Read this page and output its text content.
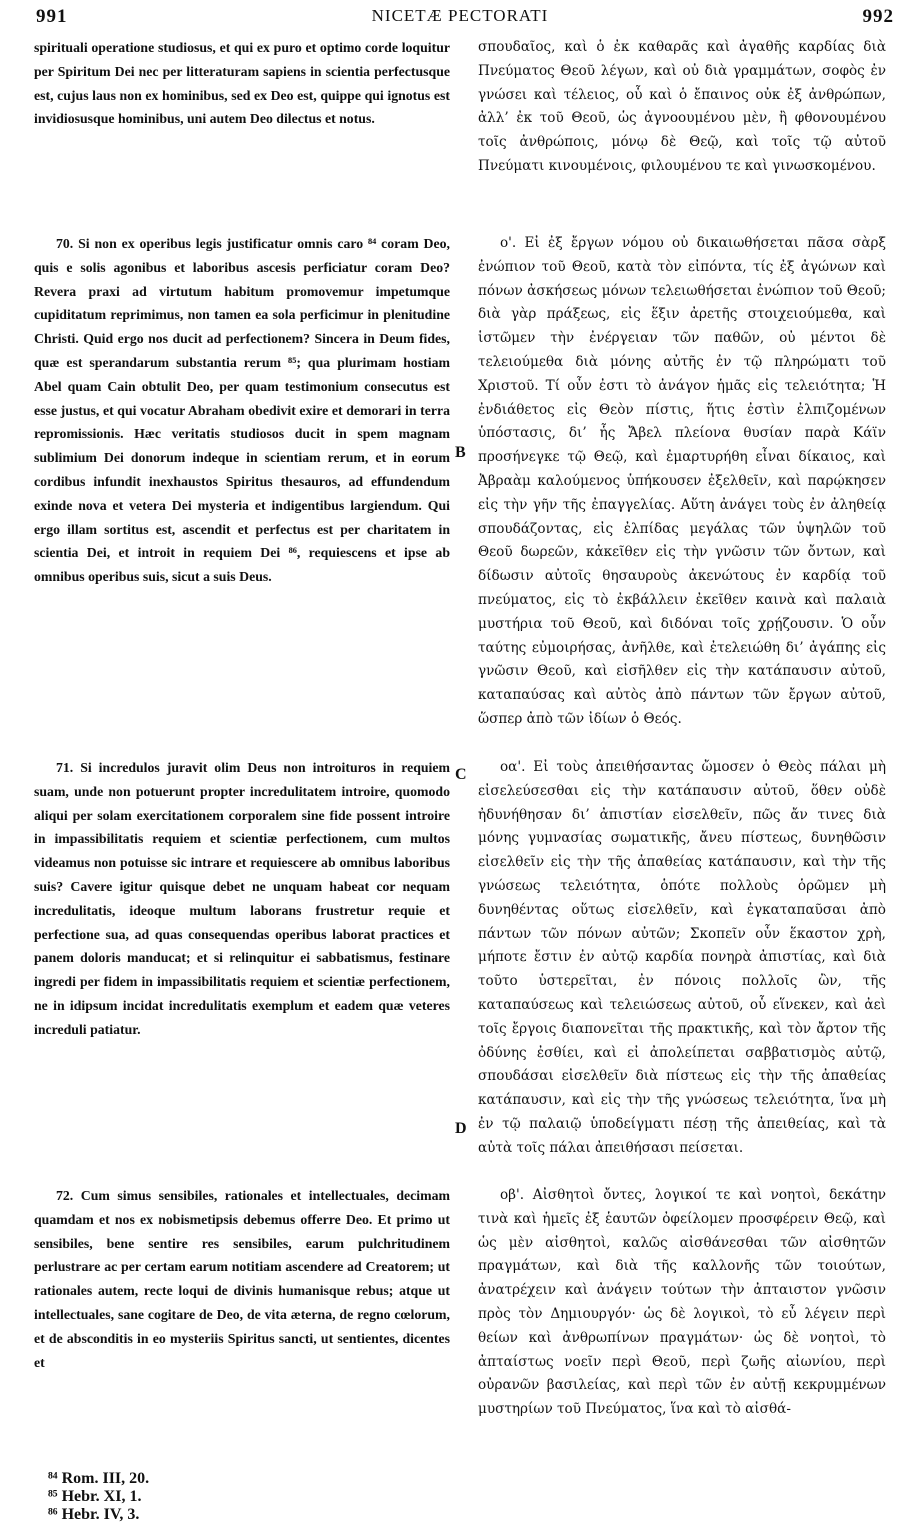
991	NICETÆ PECTORATI	992

spirituali operatione studiosus, et qui ex puro et optimo corde loquitur per Spiritum Dei nec per litteraturam sapiens in scientia perfectusque est, cujus laus non ex hominibus, sed ex Deo est, quippe qui ignotus est invidiosusque hominibus, uni autem Deo dilectus et notus.

70. Si non ex operibus legis justificatur omnis caro ⁸⁴ coram Deo, quis e solis agonibus et laboribus ascesis perficiatur coram Deo? Revera praxi ad virtutum habitum promovemur impetumque cupiditatum reprimimus, non tamen ea sola perficimur in plenitudine Christi. Quid ergo nos ducit ad perfectionem? Sincera in Deum fides, quæ est sperandarum substantia rerum ⁸⁵; qua plurimam hostiam Abel quam Cain obtulit Deo, per quam testimonium consecutus est esse justus, et qui vocatur Abraham obedivit exire et demorari in terra repromissionis. Hæc veritatis studiosos ducit in spem magnam sublimium Dei donorum indeque in scientiam rerum, et in eorum cordibus infundit inexhaustos Spiritus thesauros, ad effundendum exinde nova et vetera Dei mysteria et indigentibus largiendum. Qui ergo illam sortitus est, ascendit et perfectus est per charitatem in scientia Dei, et introit in requiem Dei ⁸⁶, requiescens et ipse ab omnibus operibus suis, sicut a suis Deus.

71. Si incredulos juravit olim Deus non introituros in requiem suam, unde non potuerunt propter incredulitatem introire, quomodo aliqui per solam exercitationem corporalem sine fide possent introire in impassibilitatis requiem et scientiæ perfectionem, cum multos videamus non potuisse sic intrare et requiescere ab omnibus laboribus suis? Cavere igitur quisque debet ne unquam habeat cor nequam incredulitatis, ideoque multum laborans frustretur requie et perfectione sua, ad quas consequendas operibus laborat practices et panem doloris manducat; et si relinquitur ei sabbatismus, festinare ingredi per fidem in impassibilitatis requiem et scientiæ perfectionem, ne in idipsum incidat incredulitatis exemplum et eadem quæ veteres increduli patiatur.

72. Cum simus sensibiles, rationales et intellectuales, decimam quamdam et nos ex nobismetipsis debemus offerre Deo. Et primo ut sensibiles, bene sentire res sensibiles, earum pulchritudinem perlustrare ac per certam earum notitiam ascendere ad Creatorem; ut rationales autem, recte loqui de divinis humanisque rebus; atque ut intellectuales, sane cogitare de Deo, de vita æterna, de regno cœlorum, et de absconditis in eo mysteriis Spiritus sancti, ut sentientes, dicentes et

σπουδαῖος, καὶ ὁ ἐκ καθαρᾶς καὶ ἀγαθῆς καρδίας διὰ Πνεύματος Θεοῦ λέγων, καὶ οὐ διὰ γραμμάτων, σοφὸς ἐν γνώσει καὶ τέλειος, οὗ καὶ ὁ ἔπαινος οὐκ ἐξ ἀνθρώπων, ἀλλ’ ἐκ τοῦ Θεοῦ, ὡς ἀγνοουμένου μὲν, ἢ φθονουμένου τοῖς ἀνθρώποις, μόνῳ δὲ Θεῷ, καὶ τοῖς τῷ αὐτοῦ Πνεύματι κινουμένοις, φιλουμένου τε καὶ γινωσκομένου.

ο'. Εἰ ἐξ ἔργων νόμου οὐ δικαιωθήσεται πᾶσα σὰρξ ἐνώπιον τοῦ Θεοῦ, κατὰ τὸν εἰπόντα, τίς ἐξ ἀγώνων καὶ πόνων ἀσκήσεως μόνων τελειωθήσεται ἐνώπιον τοῦ Θεοῦ; διὰ γὰρ πράξεως, εἰς ἕξιν ἀρετῆς στοιχειούμεθα, καὶ ἱστῶμεν τὴν ἐνέργειαν τῶν παθῶν, οὐ μέντοι δὲ τελειούμεθα διὰ μόνης αὐτῆς ἐν τῷ πληρώματι τοῦ Χριστοῦ. Τί οὖν ἐστι τὸ ἀνάγον ἡμᾶς εἰς τελειότητα; Ἡ ἐνδιάθετος εἰς Θεὸν πίστις, ἥτις ἐστὶν ἐλπιζομένων ὑπόστασις, δι’ ἧς Ἄβελ πλείονα θυσίαν παρὰ Κάϊν προσήνεγκε τῷ Θεῷ, καὶ ἐμαρτυρήθη εἶναι δίκαιος, καὶ Ἀβραὰμ καλούμενος ὑπήκουσεν ἐξελθεῖν, καὶ παρῴκησεν εἰς τὴν γῆν τῆς ἐπαγγελίας. Αὕτη ἀνάγει τοὺς ἐν ἀληθείᾳ σπουδάζοντας, εἰς ἐλπίδας μεγάλας τῶν ὑψηλῶν τοῦ Θεοῦ δωρεῶν, κἀκεῖθεν εἰς τὴν γνῶσιν τῶν ὄντων, καὶ δίδωσιν αὐτοῖς θησαυροὺς ἀκενώτους ἐν καρδίᾳ τοῦ πνεύματος, εἰς τὸ ἐκβάλλειν ἐκεῖθεν καινὰ καὶ παλαιὰ μυστήρια τοῦ Θεοῦ, καὶ διδόναι τοῖς χρῄζουσιν. Ὁ οὖν ταύτης εὐμοιρήσας, ἀνῆλθε, καὶ ἐτελειώθη δι’ ἀγάπης εἰς γνῶσιν Θεοῦ, καὶ εἰσῆλθεν εἰς τὴν κατάπαυσιν αὐτοῦ, καταπαύσας καὶ αὐτὸς ἀπὸ πάντων τῶν ἔργων αὐτοῦ, ὥσπερ ἀπὸ τῶν ἰδίων ὁ Θεός.

οα'. Εἰ τοὺς ἀπειθήσαντας ὤμοσεν ὁ Θεὸς πάλαι μὴ εἰσελεύσεσθαι εἰς τὴν κατάπαυσιν αὐτοῦ, ὅθεν οὐδὲ ἠδυνήθησαν δι’ ἀπιστίαν εἰσελθεῖν, πῶς ἄν τινες διὰ μόνης γυμνασίας σωματικῆς, ἄνευ πίστεως, δυνηθῶσιν εἰσελθεῖν εἰς τὴν τῆς ἀπαθείας κατάπαυσιν, καὶ τὴν τῆς γνώσεως τελειότητα, ὁπότε πολλοὺς ὁρῶμεν μὴ δυνηθέντας οὕτως εἰσελθεῖν, καὶ ἐγκαταπαῦσαι ἀπὸ πάντων τῶν πόνων αὐτῶν; Σκοπεῖν οὖν ἕκαστον χρὴ, μήποτε ἔστιν ἐν αὐτῷ καρδία πονηρὰ ἀπιστίας, καὶ διὰ τοῦτο ὑστερεῖται, ἐν πόνοις πολλοῖς ὢν, τῆς καταπαύσεως καὶ τελειώσεως αὐτοῦ, οὗ εἵνεκεν, καὶ ἀεὶ τοῖς ἔργοις διαπονεῖται τῆς πρακτικῆς, καὶ τὸν ἄρτον τῆς ὀδύνης ἐσθίει, καὶ εἰ ἀπολείπεται σαββατισμὸς αὐτῷ, σπουδάσαι εἰσελθεῖν διὰ πίστεως εἰς τὴν τῆς ἀπαθείας κατάπαυσιν, καὶ εἰς τὴν τῆς γνώσεως τελειότητα, ἵνα μὴ ἐν τῷ παλαιῷ ὑποδείγματι πέσῃ τῆς ἀπειθείας, καὶ τὰ αὐτὰ τοῖς πάλαι ἀπειθήσασι πείσεται.

οβ'. Αἰσθητοὶ ὄντες, λογικοί τε καὶ νοητοὶ, δεκάτην τινὰ καὶ ἡμεῖς ἐξ ἑαυτῶν ὀφείλομεν προσφέρειν Θεῷ, καὶ ὡς μὲν αἰσθητοὶ, καλῶς αἰσθάνεσθαι τῶν αἰσθητῶν πραγμάτων, καὶ διὰ τῆς καλλονῆς τῶν τοιούτων, ἀνατρέχειν καὶ ἀνάγειν τούτων τὴν ἀπταιστον γνῶσιν πρὸς τὸν Δημιουργόν· ὡς δὲ λογικοὶ, τὸ εὖ λέγειν περὶ θείων καὶ ἀνθρωπίνων πραγμάτων· ὡς δὲ νοητοὶ, τὸ ἀπταίστως νοεῖν περὶ Θεοῦ, περὶ ζωῆς αἰωνίου, περὶ οὐρανῶν βασιλείας, καὶ περὶ τῶν ἐν αὐτῇ κεκρυμμένων μυστηρίων τοῦ Πνεύματος, ἵνα καὶ τὸ αἰσθά-

B
C
D

⁸⁴ Rom. III, 20.
⁸⁵ Hebr. XI, 1.
⁸⁶ Hebr. IV, 3.
